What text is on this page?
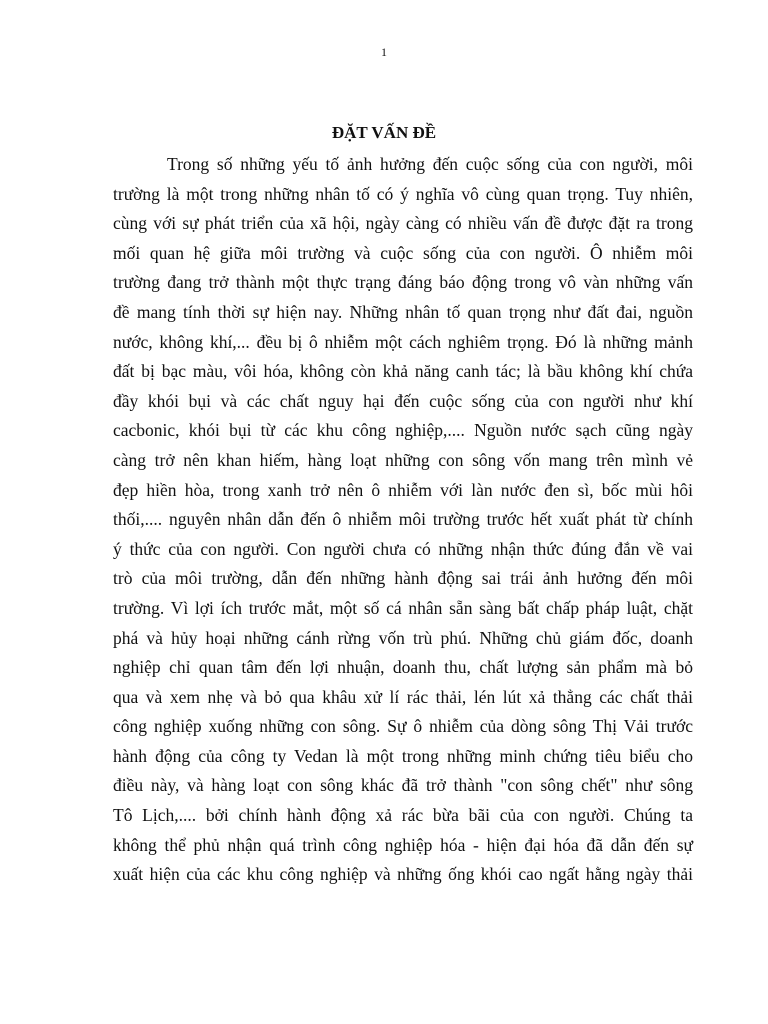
1
ĐẶT VẤN ĐỀ
Trong số những yếu tố ảnh hưởng đến cuộc sống của con người, môi
trường là một trong những nhân tố có ý nghĩa vô cùng quan trọng. Tuy nhiên,
cùng với sự phát triển của xã hội, ngày càng có nhiều vấn đề được đặt ra trong
mối quan hệ giữa môi trường và cuộc sống của con người. Ô nhiễm môi
trường đang trở thành một thực trạng đáng báo động trong vô vàn những vấn
đề mang tính thời sự hiện nay. Những nhân tố quan trọng như đất đai, nguồn
nước, không khí,... đều bị ô nhiễm một cách nghiêm trọng. Đó là những mảnh
đất bị bạc màu, vôi hóa, không còn khả năng canh tác; là bầu không khí chứa
đầy khói bụi và các chất nguy hại đến cuộc sống của con người như khí
cacbonic, khói bụi từ các khu công nghiệp,.... Nguồn nước sạch cũng ngày
càng trở nên khan hiếm, hàng loạt những con sông vốn mang trên mình vẻ
đẹp hiền hòa, trong xanh trở nên ô nhiễm với làn nước đen sì, bốc mùi hôi
thối,.... nguyên nhân dẫn đến ô nhiễm môi trường trước hết xuất phát từ chính
ý thức của con người. Con người chưa có những nhận thức đúng đắn về vai
trò của môi trường, dẫn đến những hành động sai trái ảnh hưởng đến môi
trường. Vì lợi ích trước mắt, một số cá nhân sẵn sàng bất chấp pháp luật, chặt
phá và hủy hoại những cánh rừng vốn trù phú. Những chủ giám đốc, doanh
nghiệp chỉ quan tâm đến lợi nhuận, doanh thu, chất lượng sản phẩm mà bỏ
qua và xem nhẹ và bỏ qua khâu xử lí rác thải, lén lút xả thẳng các chất thải
công nghiệp xuống những con sông. Sự ô nhiễm của dòng sông Thị Vải trước
hành động của công ty Vedan là một trong những minh chứng tiêu biểu cho
điều này, và hàng loạt con sông khác đã trở thành "con sông chết" như sông
Tô Lịch,.... bởi chính hành động xả rác bừa bãi của con người. Chúng ta
không thể phủ nhận quá trình công nghiệp hóa - hiện đại hóa đã dẫn đến sự
xuất hiện của các khu công nghiệp và những ống khói cao ngất hằng ngày thải
